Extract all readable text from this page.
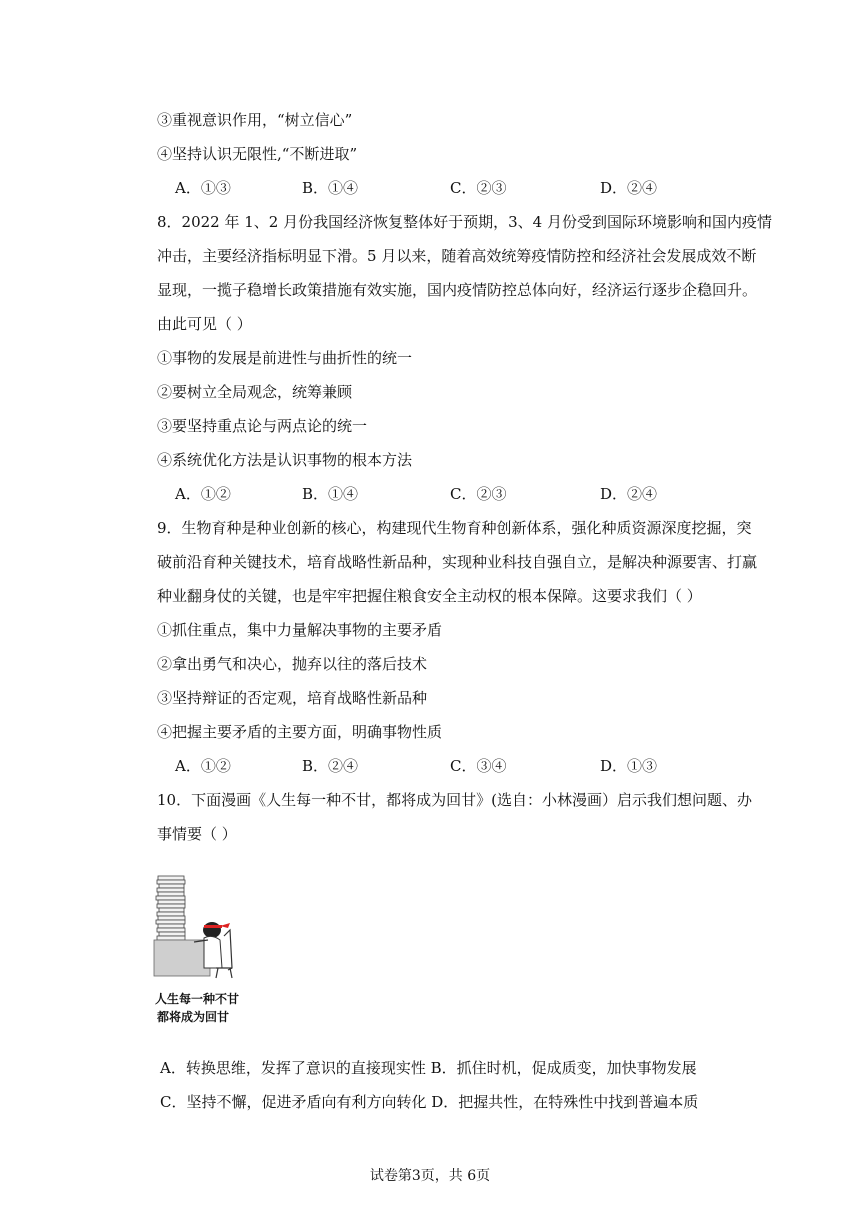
③重视意识作用，“树立信心”
④坚持认识无限性,“不断进取”
A．①③	B．①④	C．②③	D．②④
8．2022 年 1、2 月份我国经济恢复整体好于预期，3、4 月份受到国际环境影响和国内疫情
冲击，主要经济指标明显下滑。5 月以来，随着高效统筹疫情防控和经济社会发展成效不断
显现，一揽子稳增长政策措施有效实施，国内疫情防控总体向好，经济运行逐步企稳回升。
由此可见（ ）
①事物的发展是前进性与曲折性的统一
②要树立全局观念，统筹兼顾
③要坚持重点论与两点论的统一
④系统优化方法是认识事物的根本方法
A．①②	B．①④	C．②③	D．②④
9．生物育种是种业创新的核心，构建现代生物育种创新体系，强化种质资源深度挖掘，突
破前沿育种关键技术，培育战略性新品种，实现种业科技自强自立，是解决种源要害、打赢
种业翻身仗的关键，也是牢牢把握住粮食安全主动权的根本保障。这要求我们（ ）
①抓住重点，集中力量解决事物的主要矛盾
②拿出勇气和决心，抛弃以往的落后技术
③坚持辩证的否定观，培育战略性新品种
④把握主要矛盾的主要方面，明确事物性质
A．①②	B．②④	C．③④	D．①③
10．下面漫画《人生每一种不甘，都将成为回甘》(选自：小林漫画）启示我们想问题、办
事情要（ ）
人生每一种不甘
都将成为回甘
A．转换思维，发挥了意识的直接现实性 B．抓住时机，促成质变，加快事物发展
C．坚持不懈，促进矛盾向有利方向转化 D．把握共性，在特殊性中找到普遍本质
试卷第3页，共 6页
